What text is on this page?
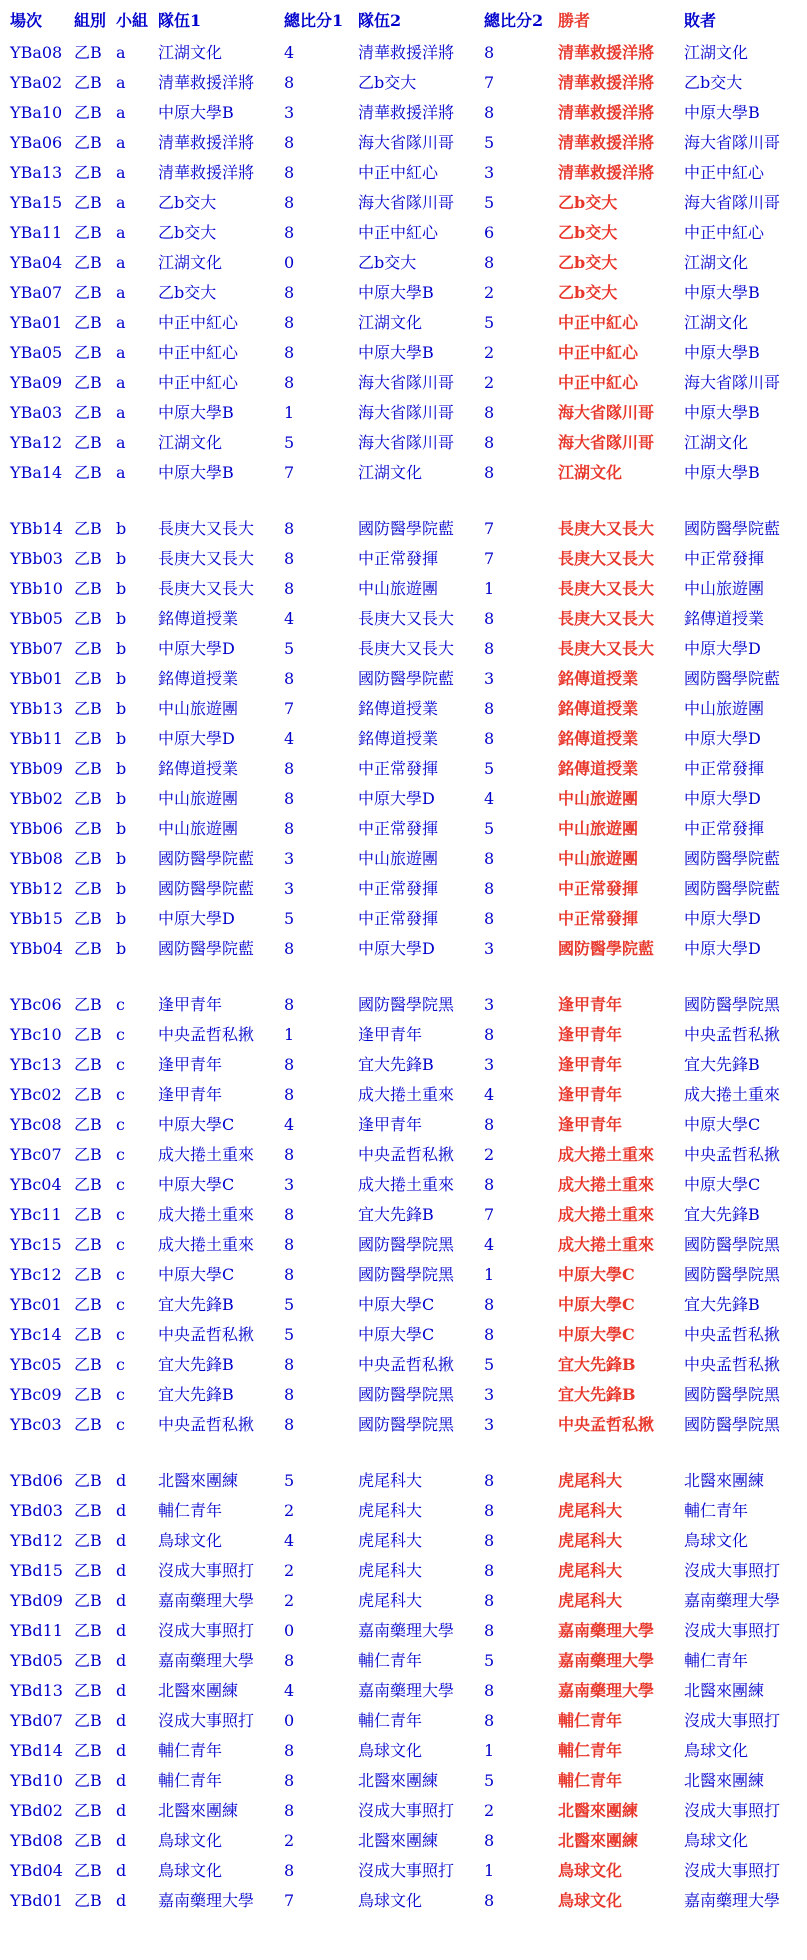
場次	組別	小組	隊伍1	總比分1	隊伍2	總比分2	勝者	敗者
YBa08	乙B	a	江湖文化	4	清華救援洋將	8	清華救援洋將	江湖文化
YBa02	乙B	a	清華救援洋將	8	乙b交大	7	清華救援洋將	乙b交大
YBa10	乙B	a	中原大學B	3	清華救援洋將	8	清華救援洋將	中原大學B
YBa06	乙B	a	清華救援洋將	8	海大省隊川哥	5	清華救援洋將	海大省隊川哥
YBa13	乙B	a	清華救援洋將	8	中正中紅心	3	清華救援洋將	中正中紅心
YBa15	乙B	a	乙b交大	8	海大省隊川哥	5	乙b交大	海大省隊川哥
YBa11	乙B	a	乙b交大	8	中正中紅心	6	乙b交大	中正中紅心
YBa04	乙B	a	江湖文化	0	乙b交大	8	乙b交大	江湖文化
YBa07	乙B	a	乙b交大	8	中原大學B	2	乙b交大	中原大學B
YBa01	乙B	a	中正中紅心	8	江湖文化	5	中正中紅心	江湖文化
YBa05	乙B	a	中正中紅心	8	中原大學B	2	中正中紅心	中原大學B
YBa09	乙B	a	中正中紅心	8	海大省隊川哥	2	中正中紅心	海大省隊川哥
YBa03	乙B	a	中原大學B	1	海大省隊川哥	8	海大省隊川哥	中原大學B
YBa12	乙B	a	江湖文化	5	海大省隊川哥	8	海大省隊川哥	江湖文化
YBa14	乙B	a	中原大學B	7	江湖文化	8	江湖文化	中原大學B

YBb14	乙B	b	長庚大又長大	8	國防醫學院藍	7	長庚大又長大	國防醫學院藍
YBb03	乙B	b	長庚大又長大	8	中正常發揮	7	長庚大又長大	中正常發揮
YBb10	乙B	b	長庚大又長大	8	中山旅遊團	1	長庚大又長大	中山旅遊團
YBb05	乙B	b	銘傳道授業	4	長庚大又長大	8	長庚大又長大	銘傳道授業
YBb07	乙B	b	中原大學D	5	長庚大又長大	8	長庚大又長大	中原大學D
YBb01	乙B	b	銘傳道授業	8	國防醫學院藍	3	銘傳道授業	國防醫學院藍
YBb13	乙B	b	中山旅遊團	7	銘傳道授業	8	銘傳道授業	中山旅遊團
YBb11	乙B	b	中原大學D	4	銘傳道授業	8	銘傳道授業	中原大學D
YBb09	乙B	b	銘傳道授業	8	中正常發揮	5	銘傳道授業	中正常發揮
YBb02	乙B	b	中山旅遊團	8	中原大學D	4	中山旅遊團	中原大學D
YBb06	乙B	b	中山旅遊團	8	中正常發揮	5	中山旅遊團	中正常發揮
YBb08	乙B	b	國防醫學院藍	3	中山旅遊團	8	中山旅遊團	國防醫學院藍
YBb12	乙B	b	國防醫學院藍	3	中正常發揮	8	中正常發揮	國防醫學院藍
YBb15	乙B	b	中原大學D	5	中正常發揮	8	中正常發揮	中原大學D
YBb04	乙B	b	國防醫學院藍	8	中原大學D	3	國防醫學院藍	中原大學D

YBc06	乙B	c	逢甲青年	8	國防醫學院黑	3	逢甲青年	國防醫學院黑
YBc10	乙B	c	中央孟哲私揪	1	逢甲青年	8	逢甲青年	中央孟哲私揪
YBc13	乙B	c	逢甲青年	8	宜大先鋒B	3	逢甲青年	宜大先鋒B
YBc02	乙B	c	逢甲青年	8	成大捲土重來	4	逢甲青年	成大捲土重來
YBc08	乙B	c	中原大學C	4	逢甲青年	8	逢甲青年	中原大學C
YBc07	乙B	c	成大捲土重來	8	中央孟哲私揪	2	成大捲土重來	中央孟哲私揪
YBc04	乙B	c	中原大學C	3	成大捲土重來	8	成大捲土重來	中原大學C
YBc11	乙B	c	成大捲土重來	8	宜大先鋒B	7	成大捲土重來	宜大先鋒B
YBc15	乙B	c	成大捲土重來	8	國防醫學院黑	4	成大捲土重來	國防醫學院黑
YBc12	乙B	c	中原大學C	8	國防醫學院黑	1	中原大學C	國防醫學院黑
YBc01	乙B	c	宜大先鋒B	5	中原大學C	8	中原大學C	宜大先鋒B
YBc14	乙B	c	中央孟哲私揪	5	中原大學C	8	中原大學C	中央孟哲私揪
YBc05	乙B	c	宜大先鋒B	8	中央孟哲私揪	5	宜大先鋒B	中央孟哲私揪
YBc09	乙B	c	宜大先鋒B	8	國防醫學院黑	3	宜大先鋒B	國防醫學院黑
YBc03	乙B	c	中央孟哲私揪	8	國防醫學院黑	3	中央孟哲私揪	國防醫學院黑

YBd06	乙B	d	北醫來團練	5	虎尾科大	8	虎尾科大	北醫來團練
YBd03	乙B	d	輔仁青年	2	虎尾科大	8	虎尾科大	輔仁青年
YBd12	乙B	d	鳥球文化	4	虎尾科大	8	虎尾科大	鳥球文化
YBd15	乙B	d	沒成大事照打	2	虎尾科大	8	虎尾科大	沒成大事照打
YBd09	乙B	d	嘉南藥理大學	2	虎尾科大	8	虎尾科大	嘉南藥理大學
YBd11	乙B	d	沒成大事照打	0	嘉南藥理大學	8	嘉南藥理大學	沒成大事照打
YBd05	乙B	d	嘉南藥理大學	8	輔仁青年	5	嘉南藥理大學	輔仁青年
YBd13	乙B	d	北醫來團練	4	嘉南藥理大學	8	嘉南藥理大學	北醫來團練
YBd07	乙B	d	沒成大事照打	0	輔仁青年	8	輔仁青年	沒成大事照打
YBd14	乙B	d	輔仁青年	8	鳥球文化	1	輔仁青年	鳥球文化
YBd10	乙B	d	輔仁青年	8	北醫來團練	5	輔仁青年	北醫來團練
YBd02	乙B	d	北醫來團練	8	沒成大事照打	2	北醫來團練	沒成大事照打
YBd08	乙B	d	鳥球文化	2	北醫來團練	8	北醫來團練	鳥球文化
YBd04	乙B	d	鳥球文化	8	沒成大事照打	1	鳥球文化	沒成大事照打
YBd01	乙B	d	嘉南藥理大學	7	鳥球文化	8	鳥球文化	嘉南藥理大學
